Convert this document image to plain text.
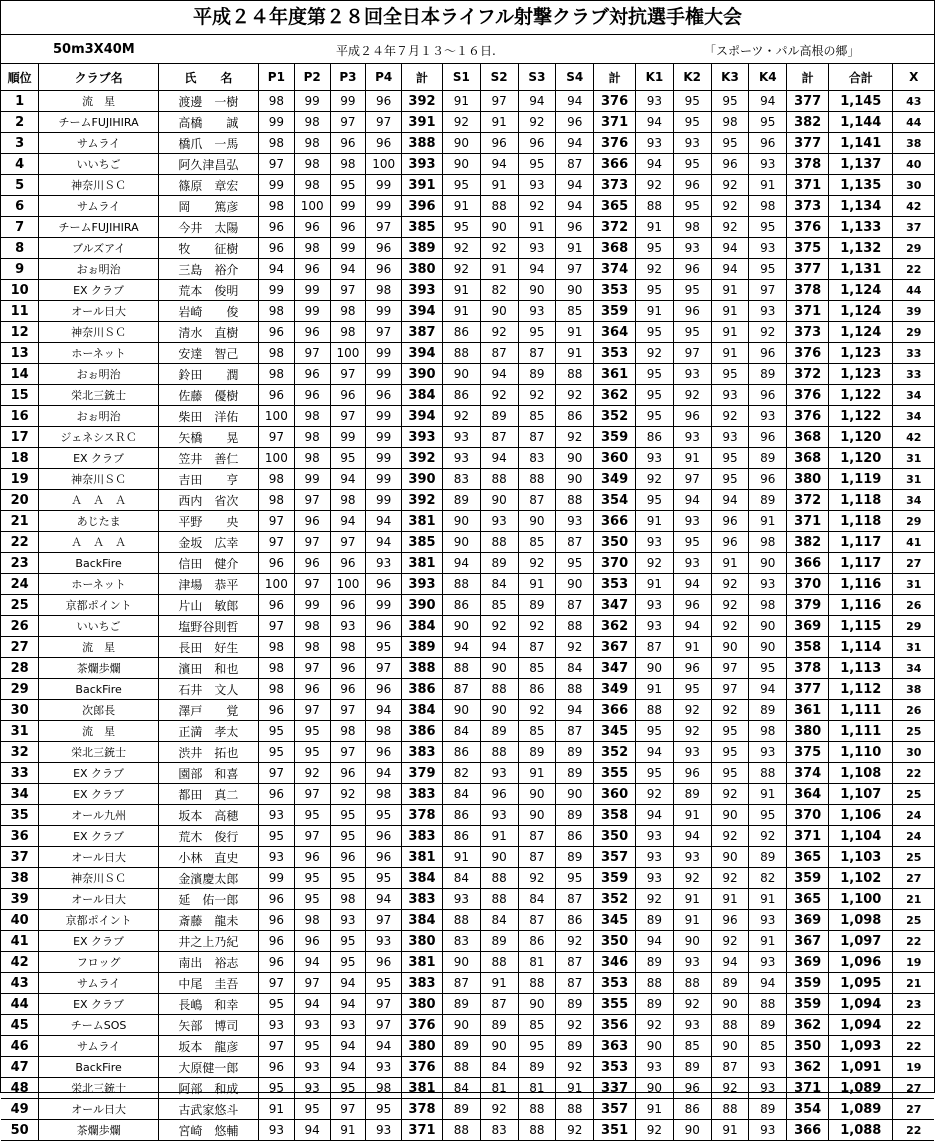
平成２４年度第２８回全日本ライフル射撃クラブ対抗選手権大会
50m3X40M	平成２４年７月１３～１６日.	「スポーツ・パル高根の郷」
順位	クラブ名	氏　　名	P1	P2	P3	P4	計	S1	S2	S3	S4	計	K1	K2	K3	K4	計	合計	X
1	流　星	渡邊　一樹	98	99	99	96	392	91	97	94	94	376	93	95	95	94	377	1,145	43
2	チームFUJIHIRA	高橋　　誠	99	98	97	97	391	92	91	92	96	371	94	95	98	95	382	1,144	44
3	サムライ	橋爪　一馬	98	98	96	96	388	90	96	96	94	376	93	93	95	96	377	1,141	38
4	いいちご	阿久津昌弘	97	98	98	100	393	90	94	95	87	366	94	95	96	93	378	1,137	40
5	神奈川ＳＣ	篠原　章宏	99	98	95	99	391	95	91	93	94	373	92	96	92	91	371	1,135	30
6	サムライ	岡　　篤彦	98	100	99	99	396	91	88	92	94	365	88	95	92	98	373	1,134	42
7	チームFUJIHIRA	今井　太陽	96	96	96	97	385	95	90	91	96	372	91	98	92	95	376	1,133	37
8	ブルズアイ	牧　　征樹	96	98	99	96	389	92	92	93	91	368	95	93	94	93	375	1,132	29
9	おぉ明治	三島　裕介	94	96	94	96	380	92	91	94	97	374	92	96	94	95	377	1,131	22
10	EX クラブ	荒本　俊明	99	99	97	98	393	91	82	90	90	353	95	95	91	97	378	1,124	44
11	オール日大	岩崎　　俊	98	99	98	99	394	91	90	93	85	359	91	96	91	93	371	1,124	39
12	神奈川ＳＣ	清水　直樹	96	96	98	97	387	86	92	95	91	364	95	95	91	92	373	1,124	29
13	ホーネット	安達　智己	98	97	100	99	394	88	87	87	91	353	92	97	91	96	376	1,123	33
14	おぉ明治	鈴田　　潤	98	96	97	99	390	90	94	89	88	361	95	93	95	89	372	1,123	33
15	栄北三銃士	佐藤　優樹	96	96	96	96	384	86	92	92	92	362	95	92	93	96	376	1,122	34
16	おぉ明治	柴田　洋佑	100	98	97	99	394	92	89	85	86	352	95	96	92	93	376	1,122	34
17	ジェネシスＲＣ	矢橋　　晃	97	98	99	99	393	93	87	87	92	359	86	93	93	96	368	1,120	42
18	EX クラブ	笠井　善仁	100	98	95	99	392	93	94	83	90	360	93	91	95	89	368	1,120	31
19	神奈川ＳＣ	吉田　　亨	98	99	94	99	390	83	88	88	90	349	92	97	95	96	380	1,119	31
20	Ａ　Ａ　Ａ	西内　省次	98	97	98	99	392	89	90	87	88	354	95	94	94	89	372	1,118	34
21	あじたま	平野　　央	97	96	94	94	381	90	93	90	93	366	91	93	96	91	371	1,118	29
22	Ａ　Ａ　Ａ	金坂　広幸	97	97	97	94	385	90	88	85	87	350	93	95	96	98	382	1,117	41
23	BackFire	信田　健介	96	96	96	93	381	94	89	92	95	370	92	93	91	90	366	1,117	27
24	ホーネット	津場　恭平	100	97	100	96	393	88	84	91	90	353	91	94	92	93	370	1,116	31
25	京都ポイント	片山　敏郎	96	99	96	99	390	86	85	89	87	347	93	96	92	98	379	1,116	26
26	いいちご	塩野谷則哲	97	98	93	96	384	90	92	92	88	362	93	94	92	90	369	1,115	29
27	流　星	長田　好生	98	98	98	95	389	94	94	87	92	367	87	91	90	90	358	1,114	31
28	茶爛歩爛	濱田　和也	98	97	96	97	388	88	90	85	84	347	90	96	97	95	378	1,113	34
29	BackFire	石井　文人	98	96	96	96	386	87	88	86	88	349	91	95	97	94	377	1,112	38
30	次郎長	澤戸　　覚	96	97	97	94	384	90	90	92	94	366	88	92	92	89	361	1,111	26
31	流　星	正満　孝太	95	95	98	98	386	84	89	85	87	345	95	92	95	98	380	1,111	25
32	栄北三銃士	渋井　拓也	95	95	97	96	383	86	88	89	89	352	94	93	95	93	375	1,110	30
33	EX クラブ	園部　和喜	97	92	96	94	379	82	93	91	89	355	95	96	95	88	374	1,108	22
34	EX クラブ	都田　真二	96	97	92	98	383	84	96	90	90	360	92	89	92	91	364	1,107	25
35	オール九州	坂本　高穂	93	95	95	95	378	86	93	90	89	358	94	91	90	95	370	1,106	24
36	EX クラブ	荒木　俊行	95	97	95	96	383	86	91	87	86	350	93	94	92	92	371	1,104	24
37	オール日大	小林　直史	93	96	96	96	381	91	90	87	89	357	93	93	90	89	365	1,103	25
38	神奈川ＳＣ	金濱慶太郎	99	95	95	95	384	84	88	92	95	359	93	92	92	82	359	1,102	27
39	オール日大	延　佑一郎	96	95	98	94	383	93	88	84	87	352	92	91	91	91	365	1,100	21
40	京都ポイント	斎藤　龍未	96	98	93	97	384	88	84	87	86	345	89	91	96	93	369	1,098	25
41	EX クラブ	井之上乃紀	96	96	95	93	380	83	89	86	92	350	94	90	92	91	367	1,097	22
42	フロッグ	南出　裕志	96	94	95	96	381	90	88	81	87	346	89	93	94	93	369	1,096	19
43	サムライ	中尾　圭吾	97	97	94	95	383	87	91	88	87	353	88	88	89	94	359	1,095	21
44	EX クラブ	長嶋　和幸	95	94	94	97	380	89	87	90	89	355	89	92	90	88	359	1,094	23
45	チームSOS	矢部　博司	93	93	93	97	376	90	89	85	92	356	92	93	88	89	362	1,094	22
46	サムライ	坂本　龍彦	97	95	94	94	380	89	90	95	89	363	90	85	90	85	350	1,093	22
47	BackFire	大原健一郎	96	93	94	93	376	88	84	89	92	353	93	89	87	93	362	1,091	19
48	栄北三銃士	阿部　和成	95	93	95	98	381	84	81	81	91	337	90	96	92	93	371	1,089	27
49	オール日大	古武家悠斗	91	95	97	95	378	89	92	88	88	357	91	86	88	89	354	1,089	27
50	茶爛歩爛	宮崎　悠輔	93	94	91	93	371	88	83	88	92	351	92	90	91	93	366	1,088	22
